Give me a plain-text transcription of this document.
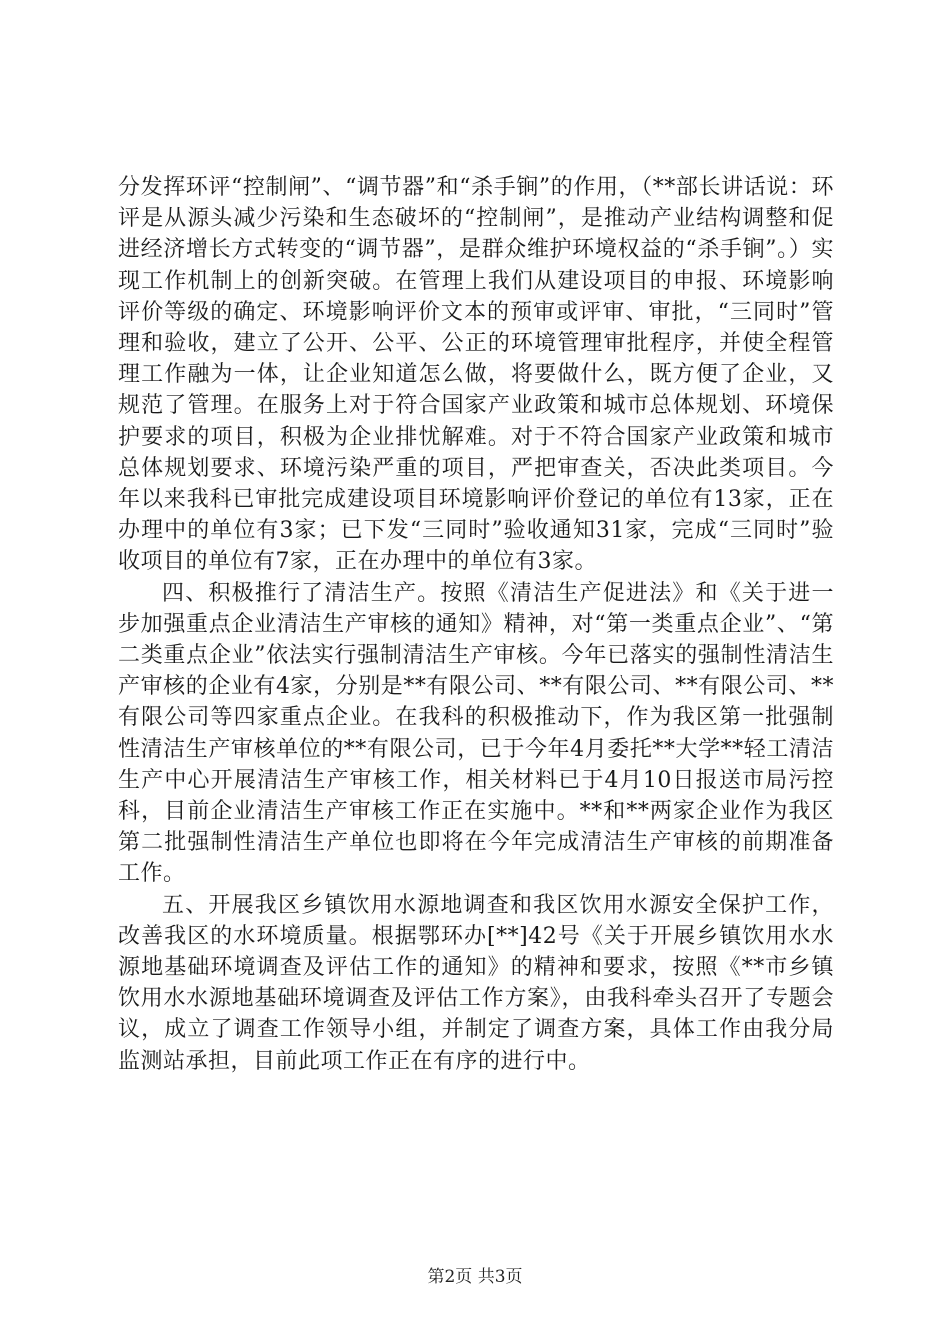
分发挥环评“控制闸”、“调节器”和“杀手锏”的作用，（**部长讲话说：环评是从源头减少污染和生态破坏的“控制闸”，是推动产业结构调整和促进经济增长方式转变的“调节器”，是群众维护环境权益的“杀手锏”。）实现工作机制上的创新突破。在管理上我们从建设项目的申报、环境影响评价等级的确定、环境影响评价文本的预审或评审、审批，“三同时”管理和验收，建立了公开、公平、公正的环境管理审批程序，并使全程管理工作融为一体，让企业知道怎么做，将要做什么，既方便了企业，又规范了管理。在服务上对于符合国家产业政策和城市总体规划、环境保护要求的项目，积极为企业排忧解难。对于不符合国家产业政策和城市总体规划要求、环境污染严重的项目，严把审查关，否决此类项目。今年以来我科已审批完成建设项目环境影响评价登记的单位有13家，正在办理中的单位有3家；已下发“三同时”验收通知31家，完成“三同时”验收项目的单位有7家，正在办理中的单位有3家。

四、积极推行了清洁生产。按照《清洁生产促进法》和《关于进一步加强重点企业清洁生产审核的通知》精神，对“第一类重点企业”、“第二类重点企业”依法实行强制清洁生产审核。今年已落实的强制性清洁生产审核的企业有4家，分别是**有限公司、**有限公司、**有限公司、**有限公司等四家重点企业。在我科的积极推动下，作为我区第一批强制性清洁生产审核单位的**有限公司，已于今年4月委托**大学**轻工清洁生产中心开展清洁生产审核工作，相关材料已于4月10日报送市局污控科，目前企业清洁生产审核工作正在实施中。**和**两家企业作为我区第二批强制性清洁生产单位也即将在今年完成清洁生产审核的前期准备工作。

五、开展我区乡镇饮用水源地调查和我区饮用水源安全保护工作，改善我区的水环境质量。根据鄂环办[**]42号《关于开展乡镇饮用水水源地基础环境调查及评估工作的通知》的精神和要求，按照《**市乡镇饮用水水源地基础环境调查及评估工作方案》，由我科牵头召开了专题会议，成立了调查工作领导小组，并制定了调查方案，具体工作由我分局监测站承担，目前此项工作正在有序的进行中。

第2页 共3页
